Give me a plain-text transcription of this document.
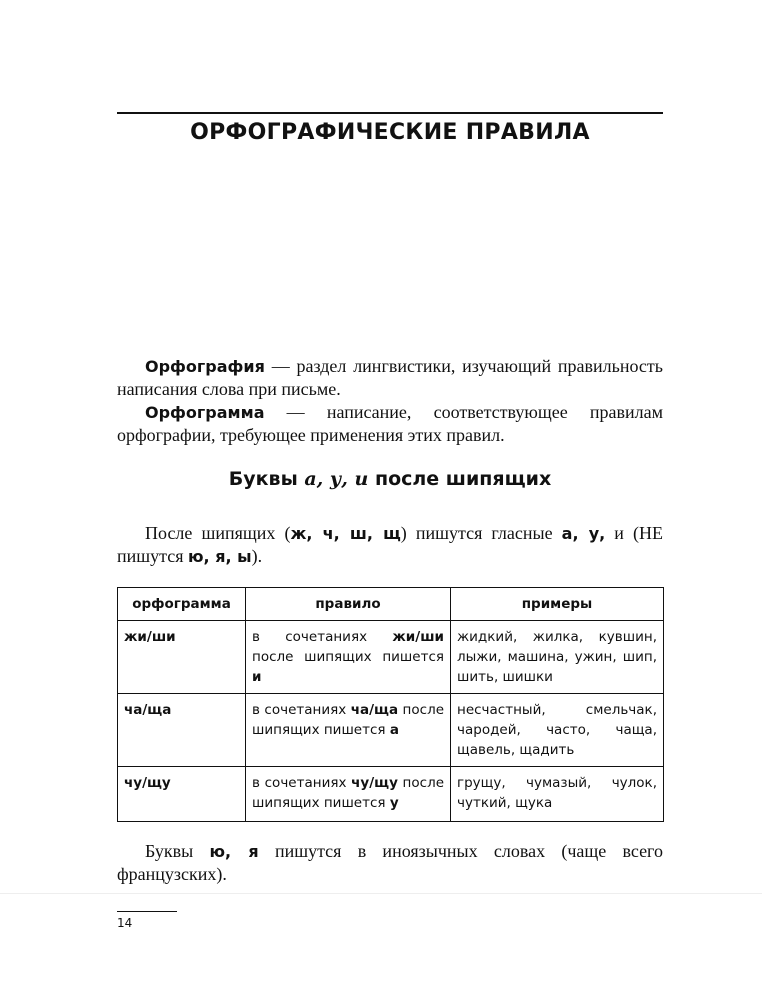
ОРФОГРАФИЧЕСКИЕ ПРАВИЛА

Орфография — раздел лингвистики, изучающий правильность написания слова при письме.

Орфограмма — написание, соответствующее правилам орфографии, требующее применения этих правил.

Буквы а, у, и после шипящих

После шипящих (ж, ч, ш, щ) пишутся гласные а, у, и (НЕ пишутся ю, я, ы).

орфограмма	правило	примеры
жи/ши	в сочетаниях жи/ши после шипящих пишется и	жидкий, жилка, кувшин, лыжи, машина, ужин, шип, шить, шишки
ча/ща	в сочетаниях ча/ща после шипящих пишется а	несчастный, смельчак, чародей, часто, чаща, щавель, щадить
чу/щу	в сочетаниях чу/щу после шипящих пишется у	грущу, чумазый, чулок, чуткий, щука

Буквы ю, я пишутся в иноязычных словах (чаще всего французских).

14
